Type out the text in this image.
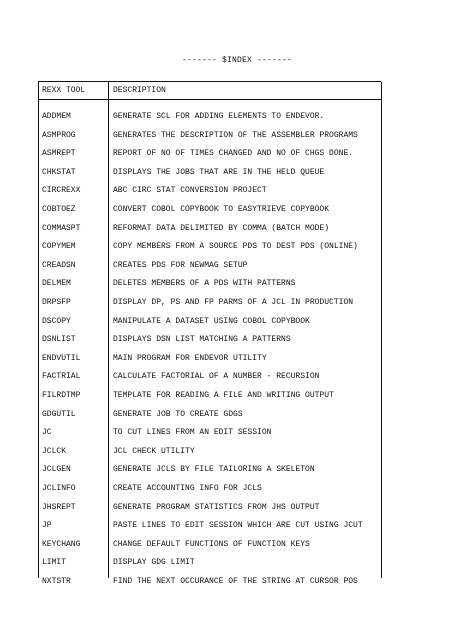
------- $INDEX -------
REXX TOOL	DESCRIPTION
ADDMEM	GENERATE SCL FOR ADDING ELEMENTS TO ENDEVOR.
ASMPROG	GENERATES THE DESCRIPTION OF THE ASSEMBLER PROGRAMS
ASMREPT	REPORT OF NO OF TIMES CHANGED AND NO OF CHGS DONE.
CHKSTAT	DISPLAYS THE JOBS THAT ARE IN THE HELD QUEUE
CIRCREXX	ABC CIRC STAT CONVERSION PROJECT
COBTOEZ	CONVERT COBOL COPYBOOK TO EASYTRIEVE COPYBOOK
COMMASPT	REFORMAT DATA DELIMITED BY COMMA (BATCH MODE)
COPYMEM	COPY MEMBERS FROM A SOURCE PDS TO DEST PDS (ONLINE)
CREADSN	CREATES PDS FOR NEWMAG SETUP
DELMEM	DELETES MEMBERS OF A PDS WITH PATTERNS
DRPSFP	DISPLAY DP, PS AND FP PARMS OF A JCL IN PRODUCTION
DSCOPY	MANIPULATE A DATASET USING COBOL COPYBOOK
DSNLIST	DISPLAYS DSN LIST MATCHING A PATTERNS
ENDVUTIL	MAIN PROGRAM FOR ENDEVOR UTILITY
FACTRIAL	CALCULATE FACTORIAL OF A NUMBER - RECURSION
FILRDTMP	TEMPLATE FOR READING A FILE AND WRITING OUTPUT
GDGUTIL	GENERATE JOB TO CREATE GDGS
JC	TO CUT LINES FROM AN EDIT SESSION
JCLCK	JCL CHECK UTILITY
JCLGEN	GENERATE JCLS BY FILE TAILORING A SKELETON
JCLINFO	CREATE ACCOUNTING INFO FOR JCLS
JHSREPT	GENERATE PROGRAM STATISTICS FROM JHS OUTPUT
JP	PASTE LINES TO EDIT SESSION WHICH ARE CUT USING JCUT
KEYCHANG	CHANGE DEFAULT FUNCTIONS OF FUNCTION KEYS
LIMIT	DISPLAY GDG LIMIT
NXTSTR	FIND THE NEXT OCCURANCE OF THE STRING AT CURSOR POS
